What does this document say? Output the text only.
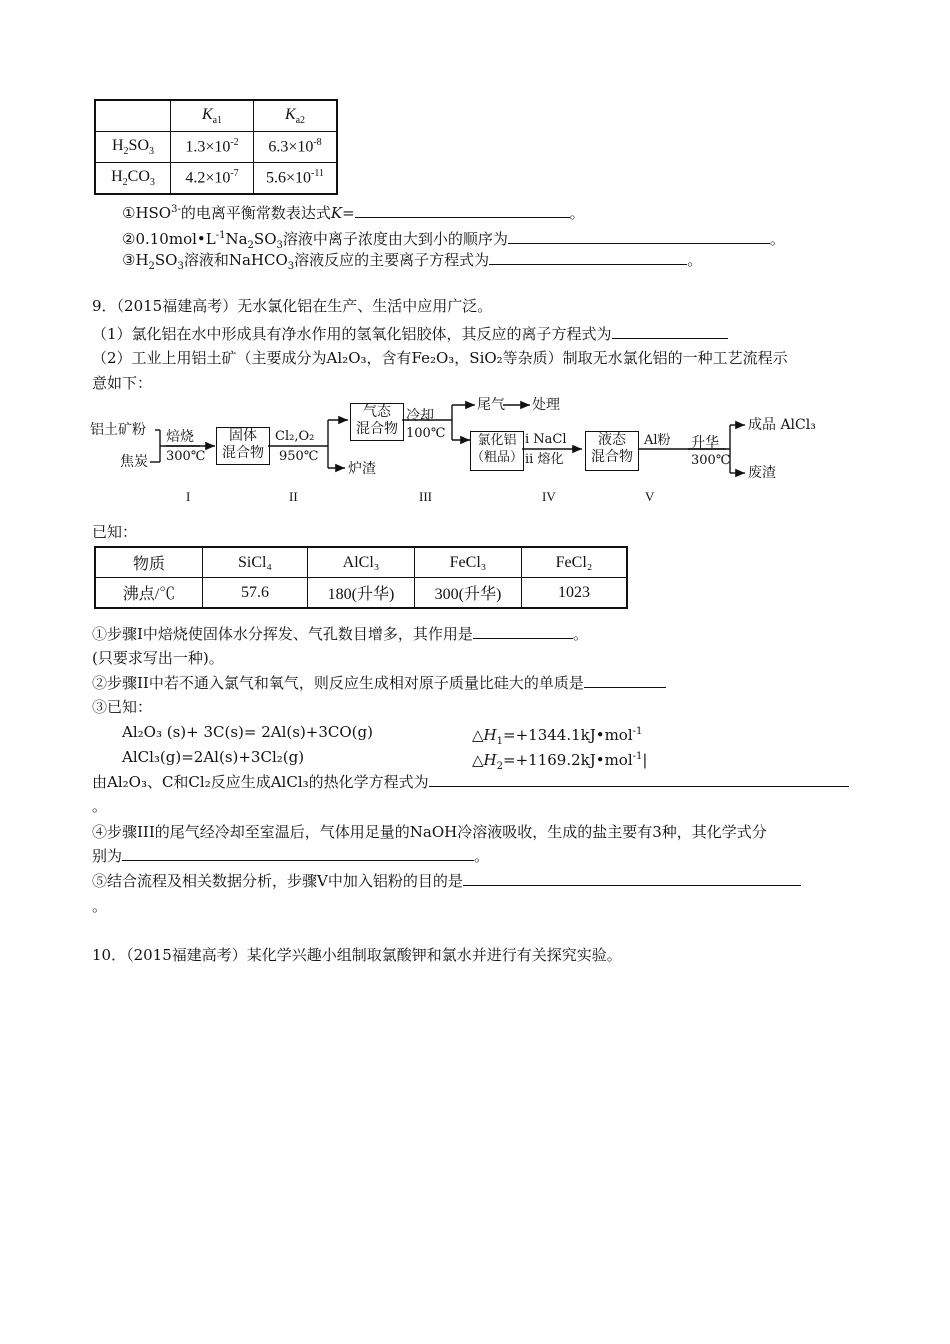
	$K_{a1}$	$K_{a2}$
$H_2SO_3$	$1.3\times 10^{-2}$	$6.3\times 10^{-8}$
$H_2CO_3$	$4.2\times 10^{-7}$	$5.6\times 10^{-11}$
$①HSO^{3-}$的电离平衡常数表达式K=	。
$②0.10mol•L^{-1}Na_2SO_3$溶液中离子浓度由大到小的顺序为	。
$③H_2SO_3$溶液和NaHCO$_3$溶液反应的主要离子方程式为	。
9．（2015福建高考）无水氯化铝在生产、生活中应用广泛。
（1）氯化铝在水中形成具有净水作用的氢氧化铝胶体，其反应的离子方程式为
（2）工业上用铝土矿（主要成分为Al₂O₃，含有Fe₂O₃，SiO₂等杂质）制取无水氯化铝的一种工艺流程示
意如下：
铝土矿粉
焦炭
焙烧
300℃
固体
混合物
Cl₂,O₂
950℃
气态
混合物
炉渣
冷却
100℃
尾气 处理
氯化铝
（粗品）
i NaCl
ii 熔化
液态
混合物
Al粉 升华
300℃
成品 AlCl₃
废渣
I	II	III	IV	V
已知：
物质	SiCl₄	AlCl₃	FeCl₃	FeCl₂
沸点/℃	57.6	180(升华)	300(升华)	1023
①步骤I中焙烧使固体水分挥发、气孔数目增多，其作用是	。
(只要求写出一种)。
②步骤II中若不通入氯气和氧气，则反应生成相对原子质量比硅大的单质是
③已知：
Al₂O₃ (s)+ 3C(s)= 2Al(s)+3CO(g)	$\triangle H_1=+1344.1kJ•mol^{-1}$
AlCl₃(g)=2Al(s)+3Cl₂(g)	$\triangle H_2=+1169.2kJ•mol^{-1}|$
由Al₂O₃、C和Cl₂反应生成AlCl₃的热化学方程式为
。
④步骤III的尾气经冷却至室温后，气体用足量的NaOH冷溶液吸收，生成的盐主要有3种，其化学式分
别为	。
⑤结合流程及相关数据分析，步骤V中加入铝粉的目的是
。
10．（2015福建高考）某化学兴趣小组制取氯酸钾和氯水并进行有关探究实验。
